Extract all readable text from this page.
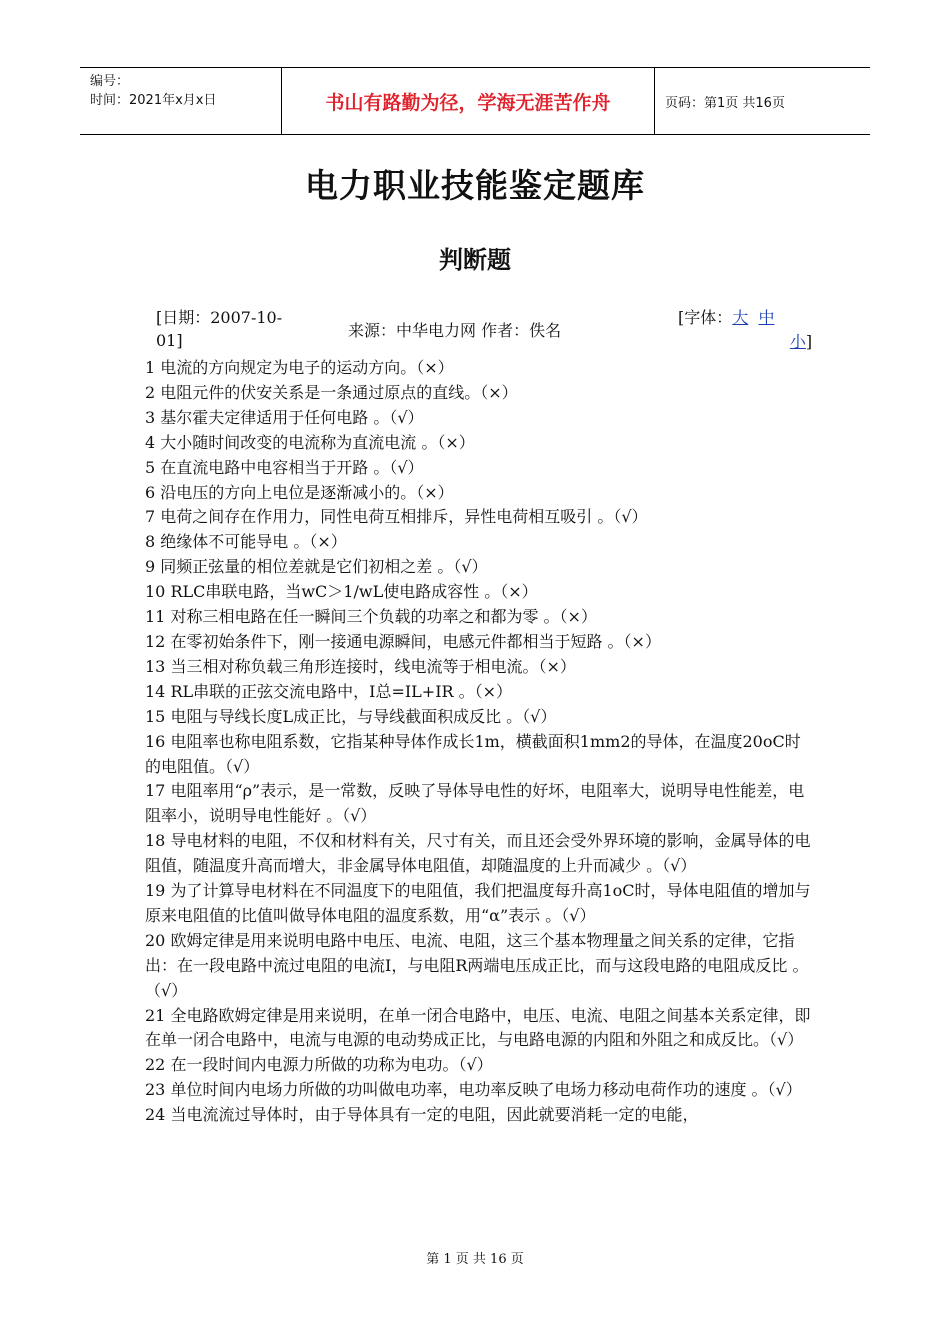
编号：
时间：2021年x月x日	书山有路勤为径，学海无涯苦作舟	页码：第1页 共16页
电力职业技能鉴定题库
判断题
[日期：2007-10-01]
来源：中华电力网 作者：佚名
[字体：大 中
小]

1 电流的方向规定为电子的运动方向。（×）

2 电阻元件的伏安关系是一条通过原点的直线。（×）

3 基尔霍夫定律适用于任何电路 。（√）

4 大小随时间改变的电流称为直流电流 。（×）

5 在直流电路中电容相当于开路 。（√）

6 沿电压的方向上电位是逐渐减小的。（×）

7 电荷之间存在作用力，同性电荷互相排斥，异性电荷相互吸引 。（√）

8 绝缘体不可能导电 。（×）

9 同频正弦量的相位差就是它们初相之差 。（√）

10 RLC串联电路，当wC＞1/wL使电路成容性 。（×）

11 对称三相电路在任一瞬间三个负载的功率之和都为零 。（×）

12 在零初始条件下，刚一接通电源瞬间，电感元件都相当于短路 。（×）

13 当三相对称负载三角形连接时，线电流等于相电流。（×）

14 RL串联的正弦交流电路中，I总=IL+IR 。（×）

15 电阻与导线长度L成正比，与导线截面积成反比 。（√）

16 电阻率也称电阻系数，它指某种导体作成长1m，横截面积1mm2的导体，在温度20oC时的电阻值。（√）

17 电阻率用“ρ”表示，是一常数，反映了导体导电性的好坏，电阻率大，说明导电性能差，电阻率小，说明导电性能好 。（√）

18 导电材料的电阻，不仅和材料有关，尺寸有关，而且还会受外界环境的影响，金属导体的电阻值，随温度升高而增大，非金属导体电阻值，却随温度的上升而减少 。（√）

19 为了计算导电材料在不同温度下的电阻值，我们把温度每升高1oC时，导体电阻值的增加与原来电阻值的比值叫做导体电阻的温度系数，用“α”表示 。（√）

20 欧姆定律是用来说明电路中电压、电流、电阻，这三个基本物理量之间关系的定律，它指出：在一段电路中流过电阻的电流I，与电阻R两端电压成正比，而与这段电路的电阻成反比 。（√）

21 全电路欧姆定律是用来说明，在单一闭合电路中，电压、电流、电阻之间基本关系定律，即在单一闭合电路中，电流与电源的电动势成正比，与电路电源的内阻和外阻之和成反比。（√）

22 在一段时间内电源力所做的功称为电功。（√）

23 单位时间内电场力所做的功叫做电功率，电功率反映了电场力移动电荷作功的速度 。（√）

24 当电流流过导体时，由于导体具有一定的电阻，因此就要消耗一定的电能，

第 1 页 共 16 页
